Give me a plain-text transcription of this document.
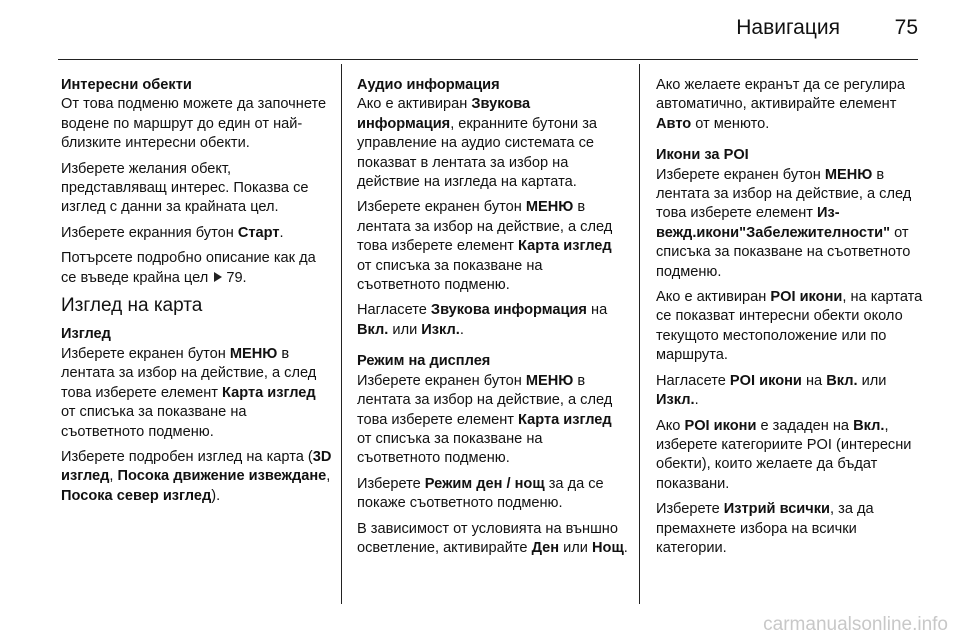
Навигация	75
Интересни обекти

От това подменю можете да започнете водене по маршрут до един от най-близките интересни обекти.

Изберете желания обект, представляващ интерес. Показва се изглед с данни за крайната цел.

Изберете екранния бутон Старт.

Потърсете подробно описание как да се въведе крайна цел 79.

Изглед на карта
Изглед

Изберете екранен бутон МЕНЮ в лентата за избор на действие, а след това изберете елемент Карта изглед от списъка за показване на съответното подменю.

Изберете подробен изглед на карта (3D изглед, Посока движение извеждане, Посока север изглед).

Аудио информация

Ако е активиран Звукова информация, екранните бутони за управление на аудио системата се показват в лентата за избор на действие на изгледа на картата.

Изберете екранен бутон МЕНЮ в лентата за избор на действие, а след това изберете елемент Карта изглед от списъка за показване на съответното подменю.

Нагласете Звукова информация на Вкл. или Изкл..

Режим на дисплея

Изберете екранен бутон МЕНЮ в лентата за избор на действие, а след това изберете елемент Карта изглед от списъка за показване на съответното подменю.

Изберете Режим ден / нощ за да се покаже съответното подменю.

В зависимост от условията на външно осветление, активирайте Ден или Нощ.

Ако желаете екранът да се регулира автоматично, активирайте елемент Авто от менюто.

Икони за POI

Изберете екранен бутон МЕНЮ в лентата за избор на действие, а след това изберете елемент Из-вежд.икони"Забележителности" от списъка за показване на съответното подменю.

Ако е активиран POI икони, на картата се показват интересни обекти около текущото местоположение или по маршрута.

Нагласете POI икони на Вкл. или Изкл..

Ако POI икони е зададен на Вкл., изберете категориите POI (интересни обекти), които желаете да бъдат показвани.

Изберете Изтрий всички, за да премахнете избора на всички категории.

carmanualsonline.info
